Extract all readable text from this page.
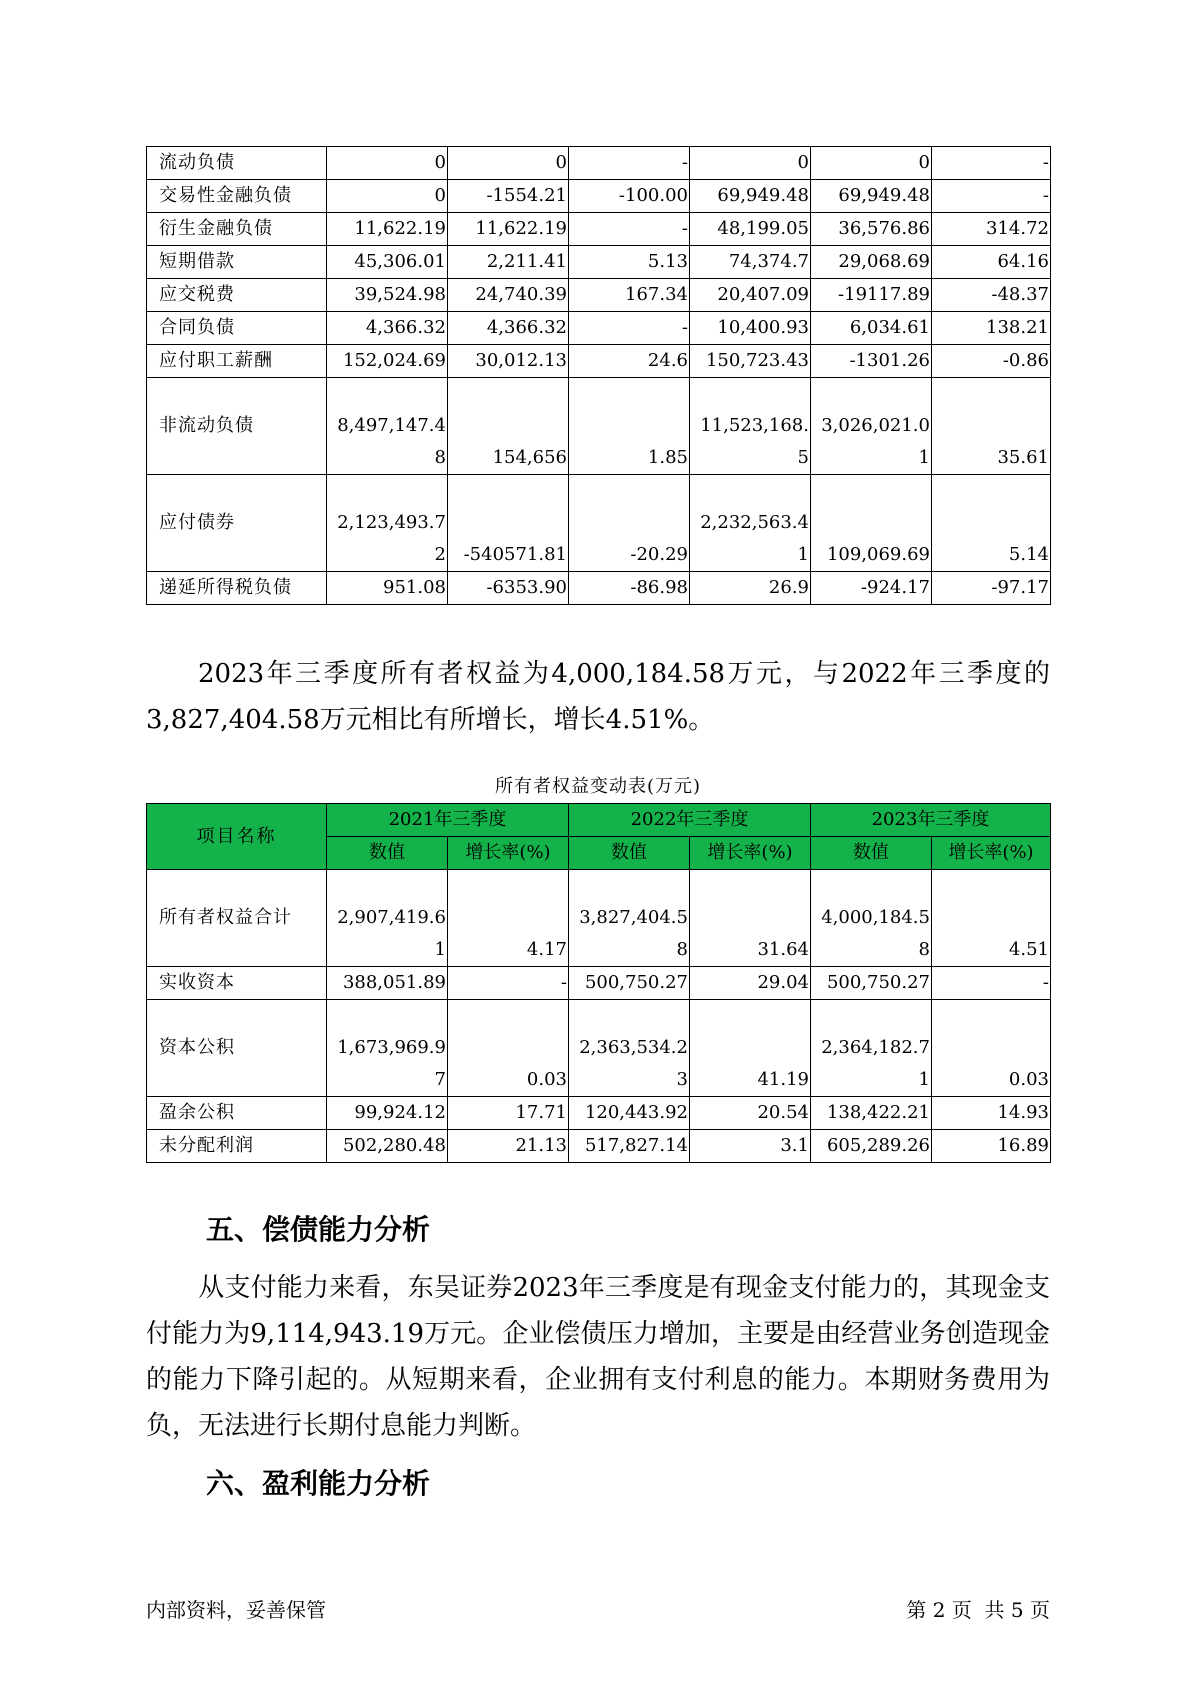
流动负债	0	0	-	0	0	-
交易性金融负债	0	-1554.21	-100.00	69,949.48	69,949.48	-
衍生金融负债	11,622.19	11,622.19	-	48,199.05	36,576.86	314.72
短期借款	45,306.01	2,211.41	5.13	74,374.7	29,068.69	64.16
应交税费	39,524.98	24,740.39	167.34	20,407.09	-19117.89	-48.37
合同负债	4,366.32	4,366.32	-	10,400.93	6,034.61	138.21
应付职工薪酬	152,024.69	30,012.13	24.6	150,723.43	-1301.26	-0.86
非流动负债	8,497,147.48	154,656	1.85	11,523,168.5	3,026,021.01	35.61
应付债券	2,123,493.72	-540571.81	-20.29	2,232,563.41	109,069.69	5.14
递延所得税负债	951.08	-6353.90	-86.98	26.9	-924.17	-97.17

2023年三季度所有者权益为4,000,184.58万元，与2022年三季度的3,827,404.58万元相比有所增长，增长4.51%。

所有者权益变动表(万元)
项目名称	2021年三季度		2022年三季度		2023年三季度	
	数值	增长率(%)	数值	增长率(%)	数值	增长率(%)
所有者权益合计	2,907,419.61	4.17	3,827,404.58	31.64	4,000,184.58	4.51
实收资本	388,051.89	-	500,750.27	29.04	500,750.27	-
资本公积	1,673,969.97	0.03	2,363,534.23	41.19	2,364,182.71	0.03
盈余公积	99,924.12	17.71	120,443.92	20.54	138,422.21	14.93
未分配利润	502,280.48	21.13	517,827.14	3.1	605,289.26	16.89
五、偿债能力分析

从支付能力来看，东吴证券2023年三季度是有现金支付能力的，其现金支付能力为9,114,943.19万元。企业偿债压力增加，主要是由经营业务创造现金的能力下降引起的。从短期来看，企业拥有支付利息的能力。本期财务费用为负，无法进行长期付息能力判断。

六、盈利能力分析
内部资料，妥善保管	第 2 页  共 5 页
